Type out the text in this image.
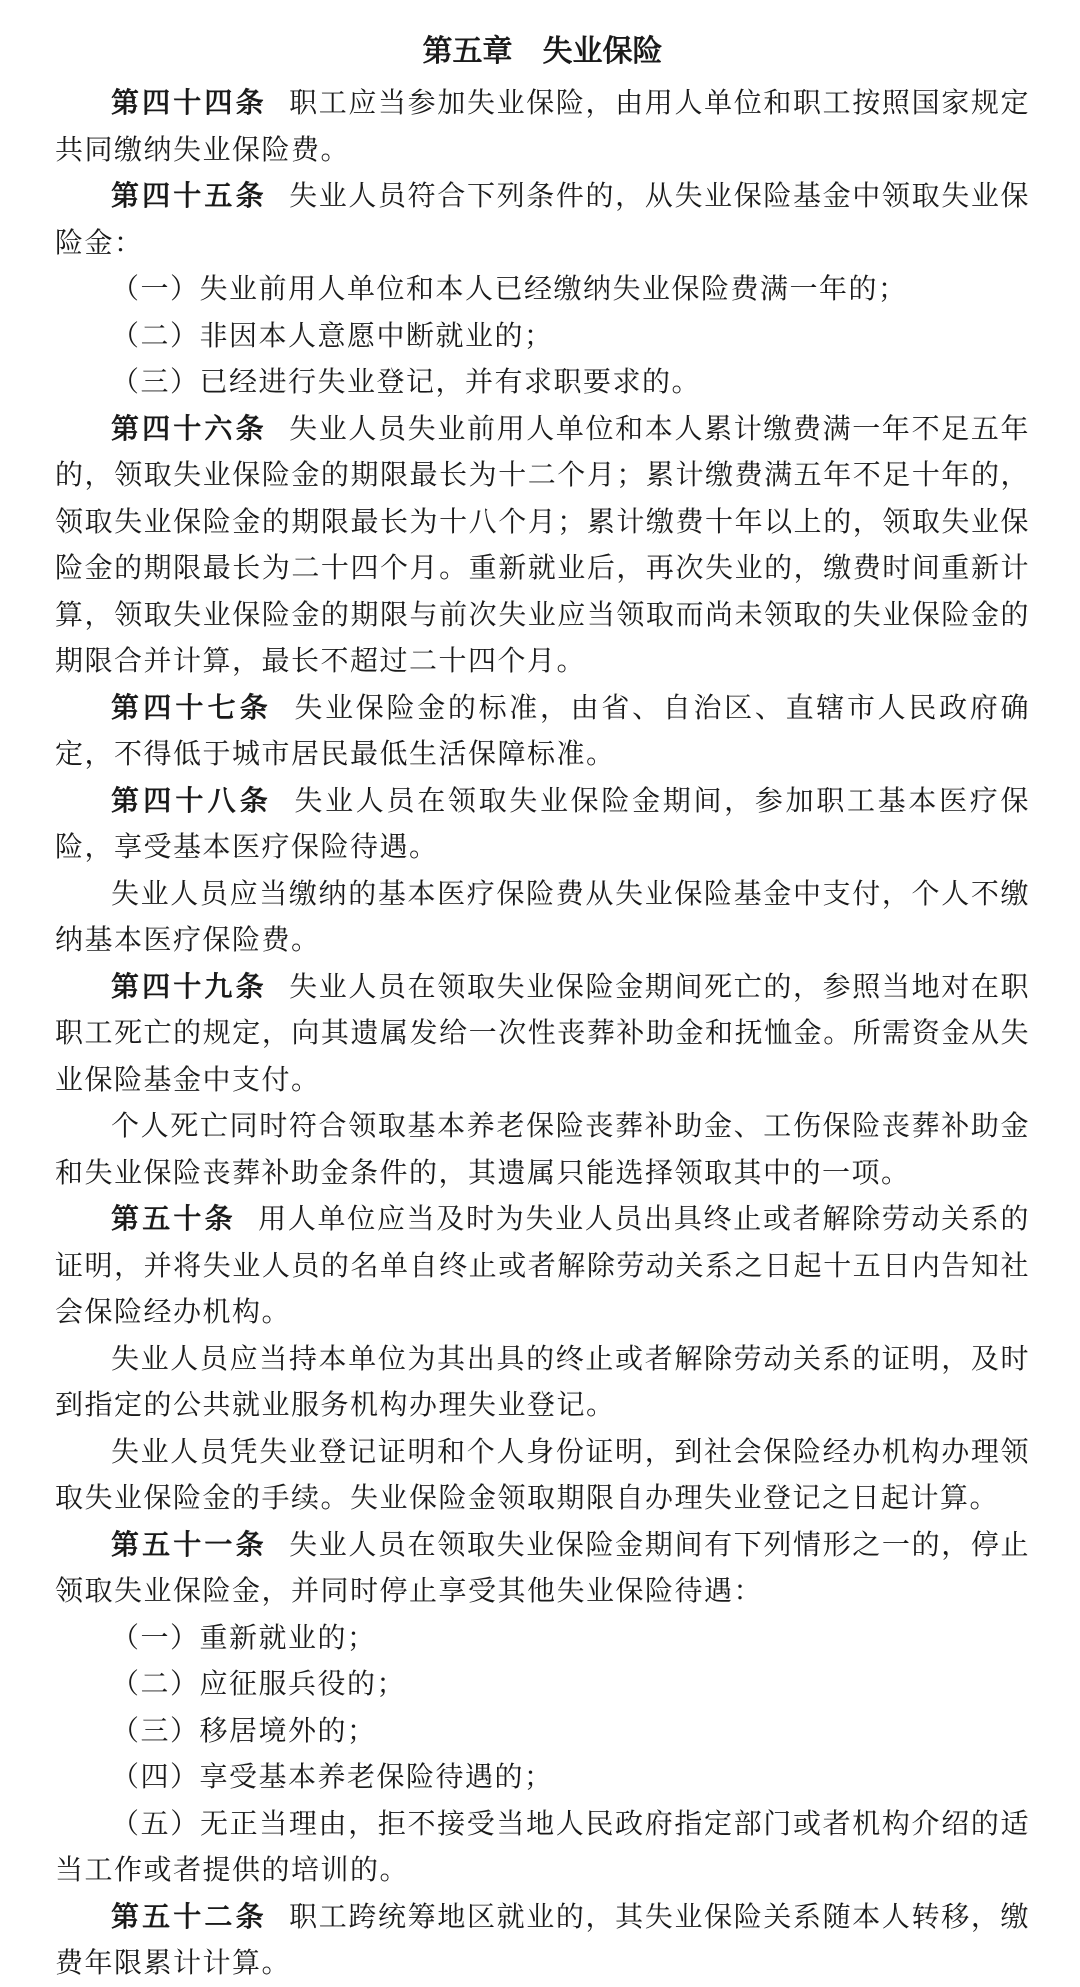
第五章　失业保险

第四十四条 职工应当参加失业保险，由用人单位和职工按照国家规定共同缴纳失业保险费。

第四十五条 失业人员符合下列条件的，从失业保险基金中领取失业保险金：

（一）失业前用人单位和本人已经缴纳失业保险费满一年的；

（二）非因本人意愿中断就业的；

（三）已经进行失业登记，并有求职要求的。

第四十六条 失业人员失业前用人单位和本人累计缴费满一年不足五年的，领取失业保险金的期限最长为十二个月；累计缴费满五年不足十年的，领取失业保险金的期限最长为十八个月；累计缴费十年以上的，领取失业保险金的期限最长为二十四个月。重新就业后，再次失业的，缴费时间重新计算，领取失业保险金的期限与前次失业应当领取而尚未领取的失业保险金的期限合并计算，最长不超过二十四个月。

第四十七条 失业保险金的标准，由省、自治区、直辖市人民政府确定，不得低于城市居民最低生活保障标准。

第四十八条 失业人员在领取失业保险金期间，参加职工基本医疗保险，享受基本医疗保险待遇。

失业人员应当缴纳的基本医疗保险费从失业保险基金中支付，个人不缴纳基本医疗保险费。

第四十九条 失业人员在领取失业保险金期间死亡的，参照当地对在职职工死亡的规定，向其遗属发给一次性丧葬补助金和抚恤金。所需资金从失业保险基金中支付。

个人死亡同时符合领取基本养老保险丧葬补助金、工伤保险丧葬补助金和失业保险丧葬补助金条件的，其遗属只能选择领取其中的一项。

第五十条 用人单位应当及时为失业人员出具终止或者解除劳动关系的证明，并将失业人员的名单自终止或者解除劳动关系之日起十五日内告知社会保险经办机构。

失业人员应当持本单位为其出具的终止或者解除劳动关系的证明，及时到指定的公共就业服务机构办理失业登记。

失业人员凭失业登记证明和个人身份证明，到社会保险经办机构办理领取失业保险金的手续。失业保险金领取期限自办理失业登记之日起计算。

第五十一条 失业人员在领取失业保险金期间有下列情形之一的，停止领取失业保险金，并同时停止享受其他失业保险待遇：

（一）重新就业的；

（二）应征服兵役的；

（三）移居境外的；

（四）享受基本养老保险待遇的；

（五）无正当理由，拒不接受当地人民政府指定部门或者机构介绍的适当工作或者提供的培训的。

第五十二条 职工跨统筹地区就业的，其失业保险关系随本人转移，缴费年限累计计算。
